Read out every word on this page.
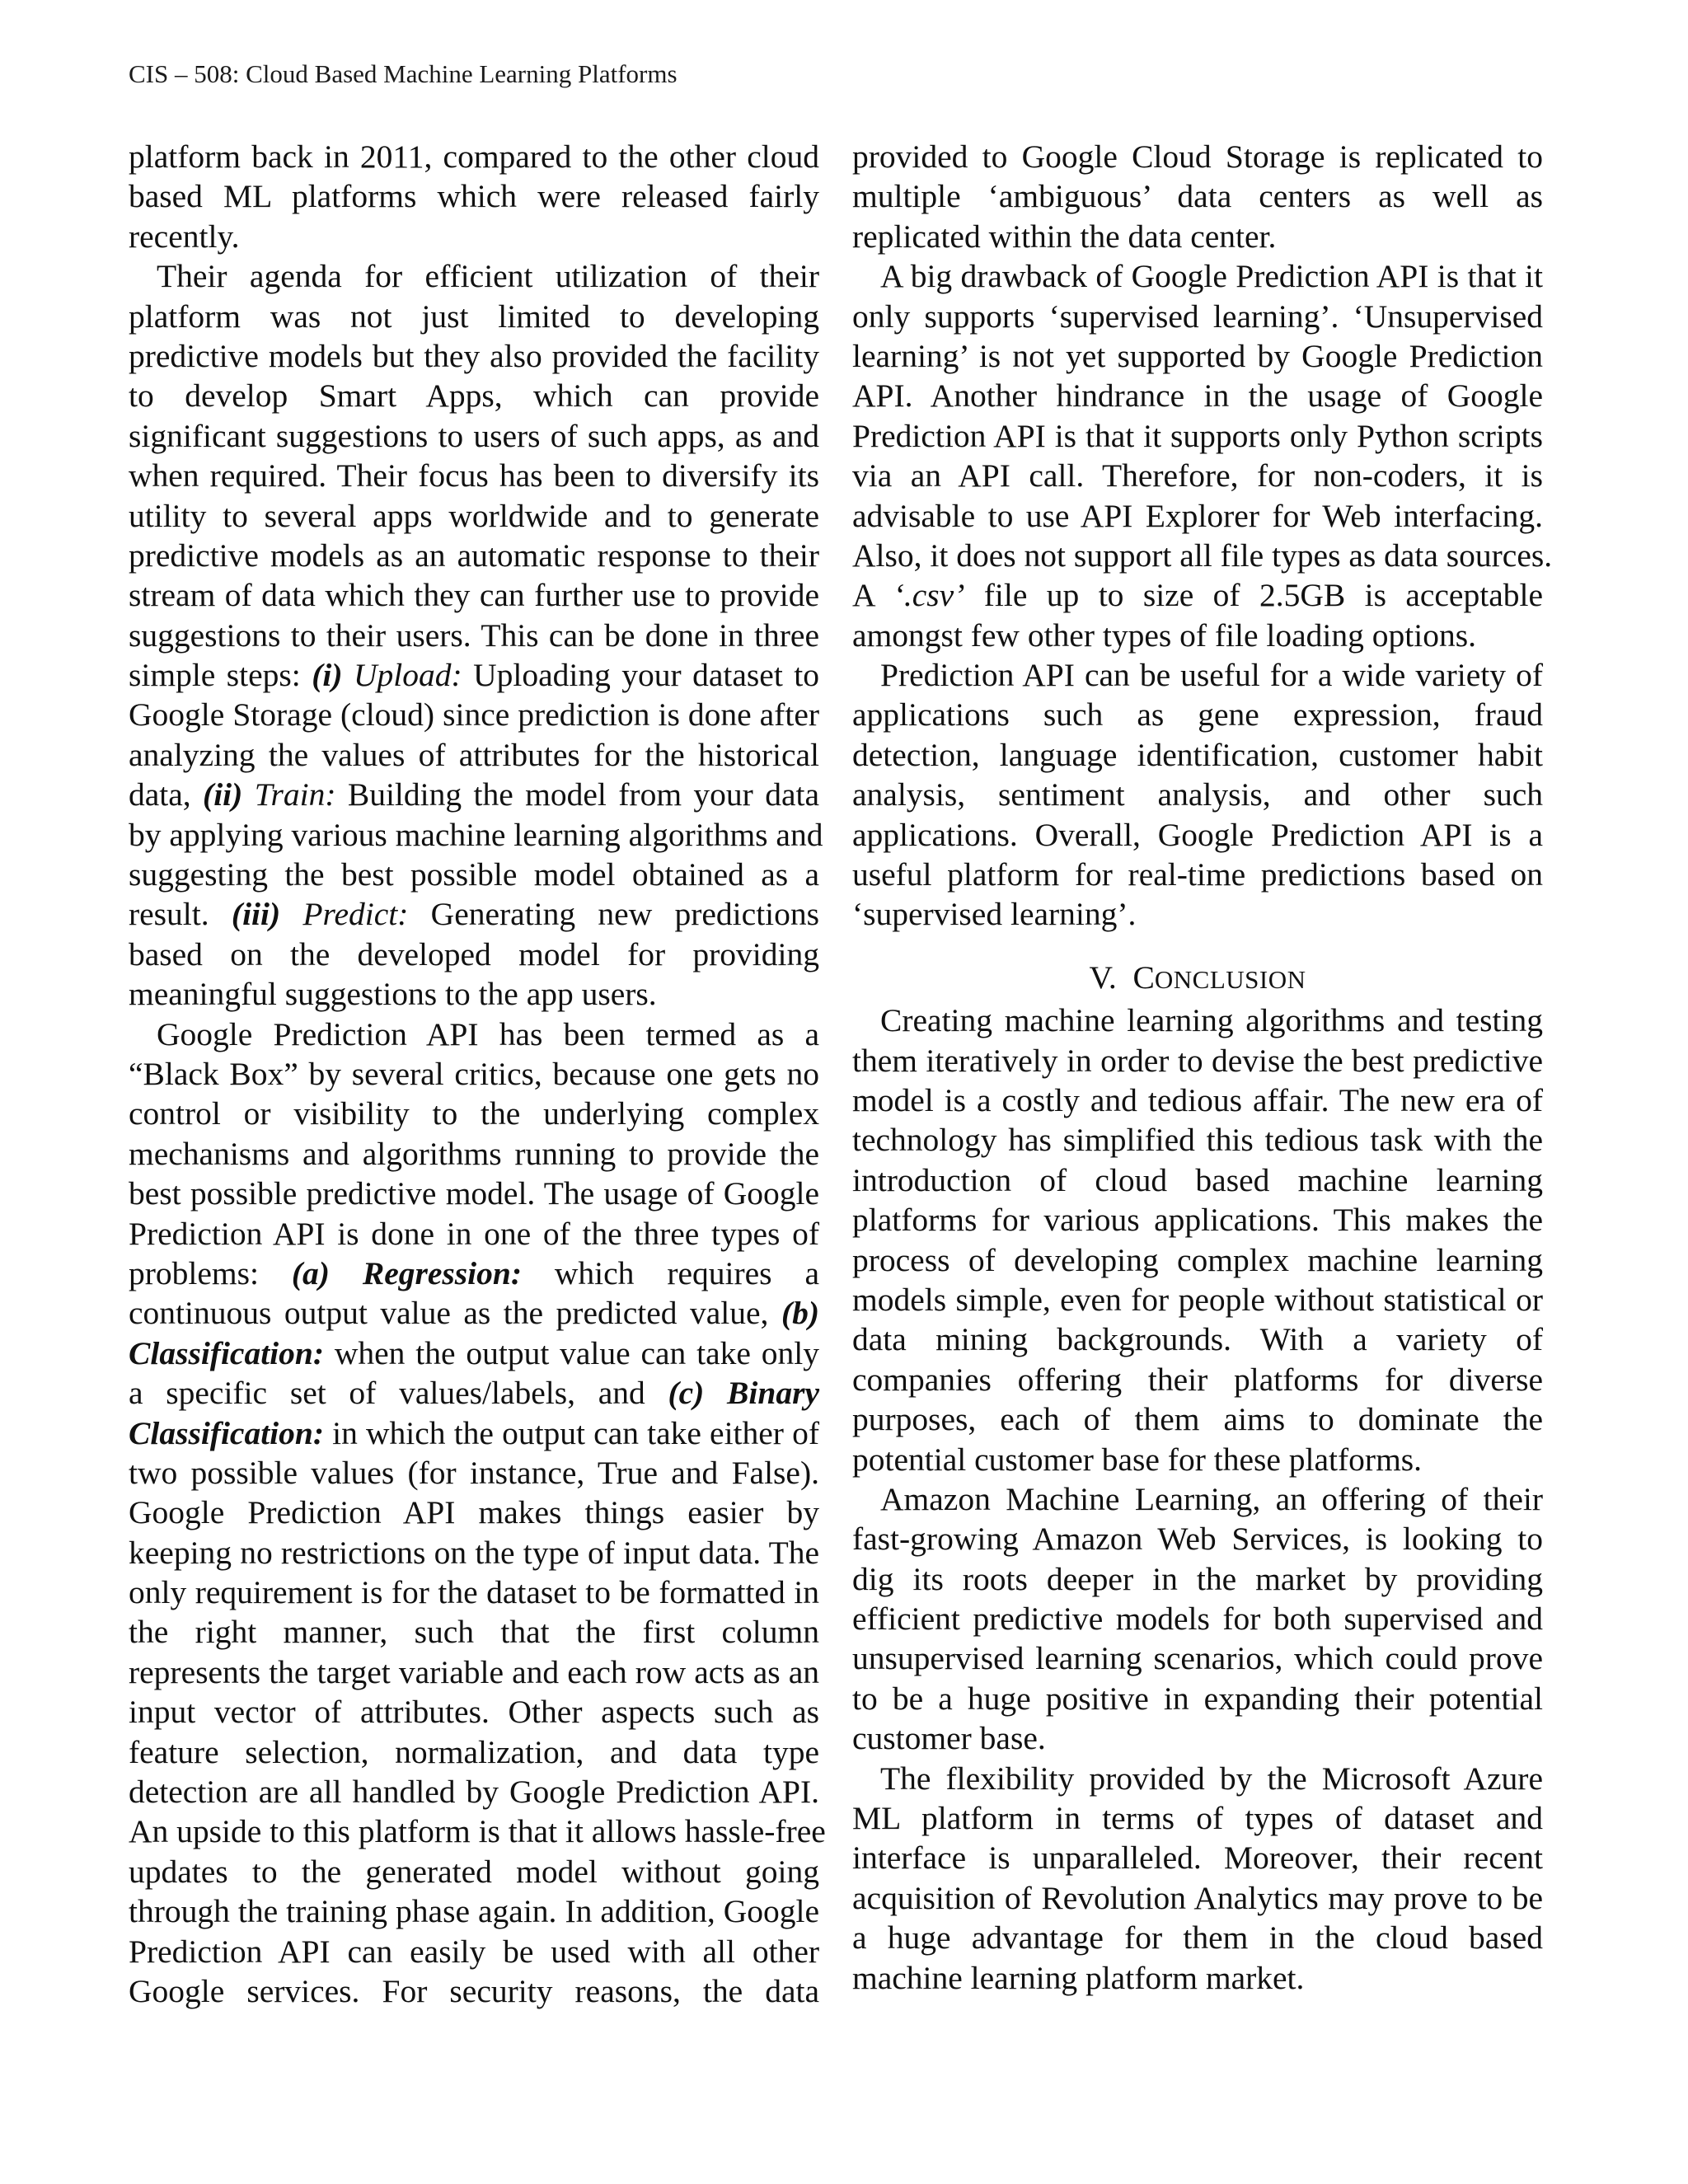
CIS – 508: Cloud Based Machine Learning Platforms
platform back in 2011, compared to the other cloud
based ML platforms which were released fairly
recently.
Their agenda for efficient utilization of their
platform was not just limited to developing
predictive models but they also provided the facility
to develop Smart Apps, which can provide
significant suggestions to users of such apps, as and
when required. Their focus has been to diversify its
utility to several apps worldwide and to generate
predictive models as an automatic response to their
stream of data which they can further use to provide
suggestions to their users. This can be done in three
simple steps: (i) Upload: Uploading your dataset to
Google Storage (cloud) since prediction is done after
analyzing the values of attributes for the historical
data, (ii) Train: Building the model from your data
by applying various machine learning algorithms and
suggesting the best possible model obtained as a
result. (iii) Predict: Generating new predictions
based on the developed model for providing
meaningful suggestions to the app users.
Google Prediction API has been termed as a
“Black Box” by several critics, because one gets no
control or visibility to the underlying complex
mechanisms and algorithms running to provide the
best possible predictive model. The usage of Google
Prediction API is done in one of the three types of
problems: (a) Regression: which requires a
continuous output value as the predicted value, (b)
Classification: when the output value can take only
a specific set of values/labels, and (c) Binary
Classification: in which the output can take either of
two possible values (for instance, True and False).
Google Prediction API makes things easier by
keeping no restrictions on the type of input data. The
only requirement is for the dataset to be formatted in
the right manner, such that the first column
represents the target variable and each row acts as an
input vector of attributes. Other aspects such as
feature selection, normalization, and data type
detection are all handled by Google Prediction API.
An upside to this platform is that it allows hassle-free
updates to the generated model without going
through the training phase again. In addition, Google
Prediction API can easily be used with all other
Google services. For security reasons, the data
provided to Google Cloud Storage is replicated to
multiple ‘ambiguous’ data centers as well as
replicated within the data center.
A big drawback of Google Prediction API is that it
only supports ‘supervised learning’. ‘Unsupervised
learning’ is not yet supported by Google Prediction
API. Another hindrance in the usage of Google
Prediction API is that it supports only Python scripts
via an API call. Therefore, for non-coders, it is
advisable to use API Explorer for Web interfacing.
Also, it does not support all file types as data sources.
A ‘.csv’ file up to size of 2.5GB is acceptable
amongst few other types of file loading options.
Prediction API can be useful for a wide variety of
applications such as gene expression, fraud
detection, language identification, customer habit
analysis, sentiment analysis, and other such
applications. Overall, Google Prediction API is a
useful platform for real-time predictions based on
‘supervised learning’.
V. CONCLUSION
Creating machine learning algorithms and testing
them iteratively in order to devise the best predictive
model is a costly and tedious affair. The new era of
technology has simplified this tedious task with the
introduction of cloud based machine learning
platforms for various applications. This makes the
process of developing complex machine learning
models simple, even for people without statistical or
data mining backgrounds. With a variety of
companies offering their platforms for diverse
purposes, each of them aims to dominate the
potential customer base for these platforms.
Amazon Machine Learning, an offering of their
fast-growing Amazon Web Services, is looking to
dig its roots deeper in the market by providing
efficient predictive models for both supervised and
unsupervised learning scenarios, which could prove
to be a huge positive in expanding their potential
customer base.
The flexibility provided by the Microsoft Azure
ML platform in terms of types of dataset and
interface is unparalleled. Moreover, their recent
acquisition of Revolution Analytics may prove to be
a huge advantage for them in the cloud based
machine learning platform market.
